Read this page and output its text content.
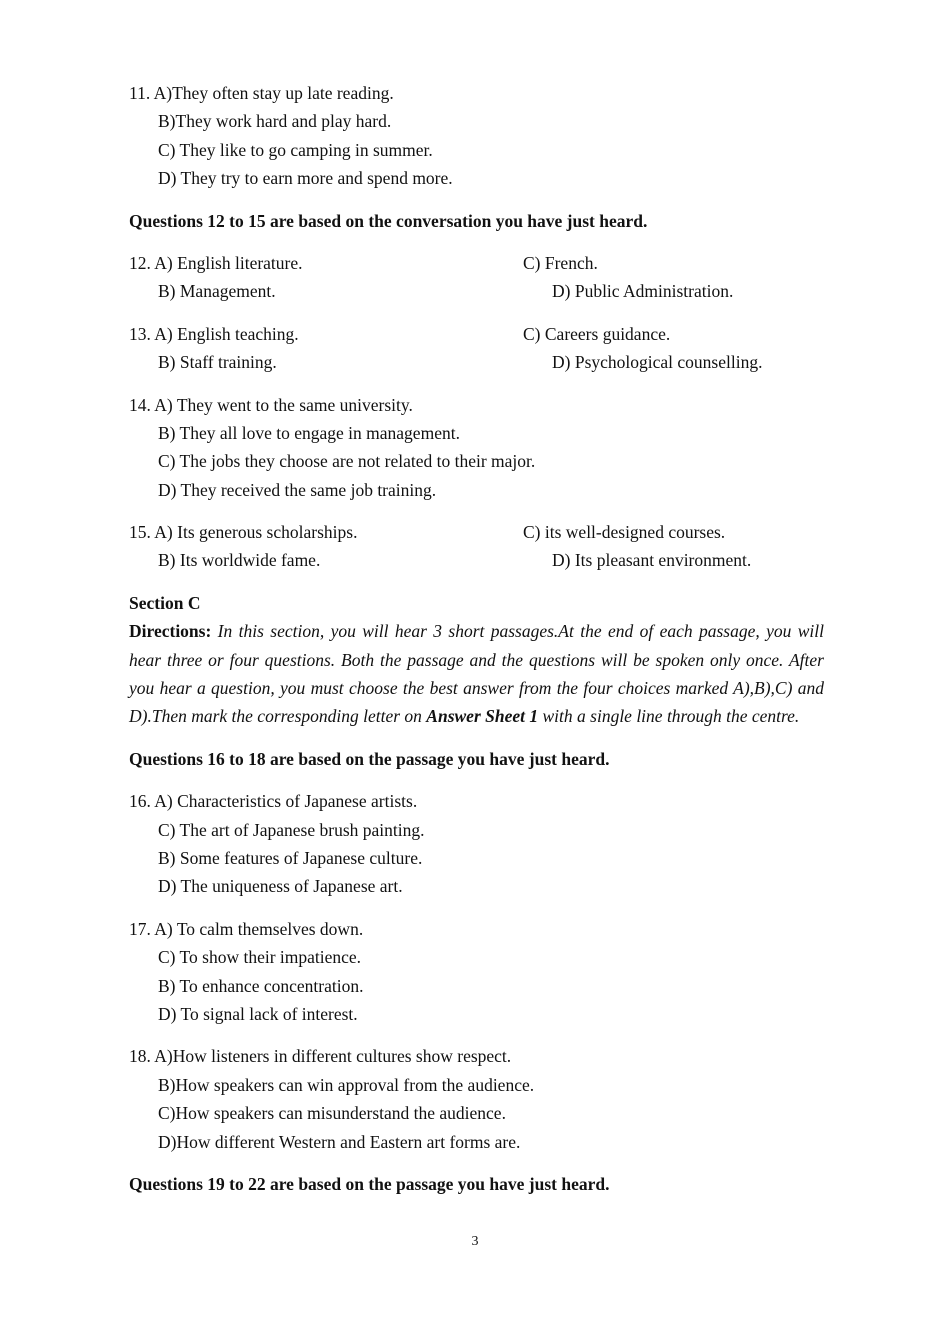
11. A)They often stay up late reading.
B)They work hard and play hard.
C) They like to go camping in summer.
D) They try to earn more and spend more.
Questions 12 to 15 are based on the conversation you have just heard.
12. A) English literature.	C) French.
B) Management.	D) Public Administration.
13. A) English teaching.	C) Careers guidance.
B) Staff training.	D) Psychological counselling.
14. A) They went to the same university.
B) They all love to engage in management.
C) The jobs they choose are not related to their major.
D) They received the same job training.
15. A) Its generous scholarships.	C) its well-designed courses.
B) Its worldwide fame.	D) Its pleasant environment.
Section C
Directions: In this section, you will hear 3 short passages.At the end of each passage, you will hear three or four questions. Both the passage and the questions will be spoken only once. After you hear a question, you must choose the best answer from the four choices marked A),B),C) and D).Then mark the corresponding letter on Answer Sheet 1 with a single line through the centre.
Questions 16 to 18 are based on the passage you have just heard.
16. A) Characteristics of Japanese artists.
C) The art of Japanese brush painting.
B) Some features of Japanese culture.
D) The uniqueness of Japanese art.
17. A) To calm themselves down.
C) To show their impatience.
B) To enhance concentration.
D) To signal lack of interest.
18. A)How listeners in different cultures show respect.
B)How speakers can win approval from the audience.
C)How speakers can misunderstand the audience.
D)How different Western and Eastern art forms are.
Questions 19 to 22 are based on the passage you have just heard.
3
